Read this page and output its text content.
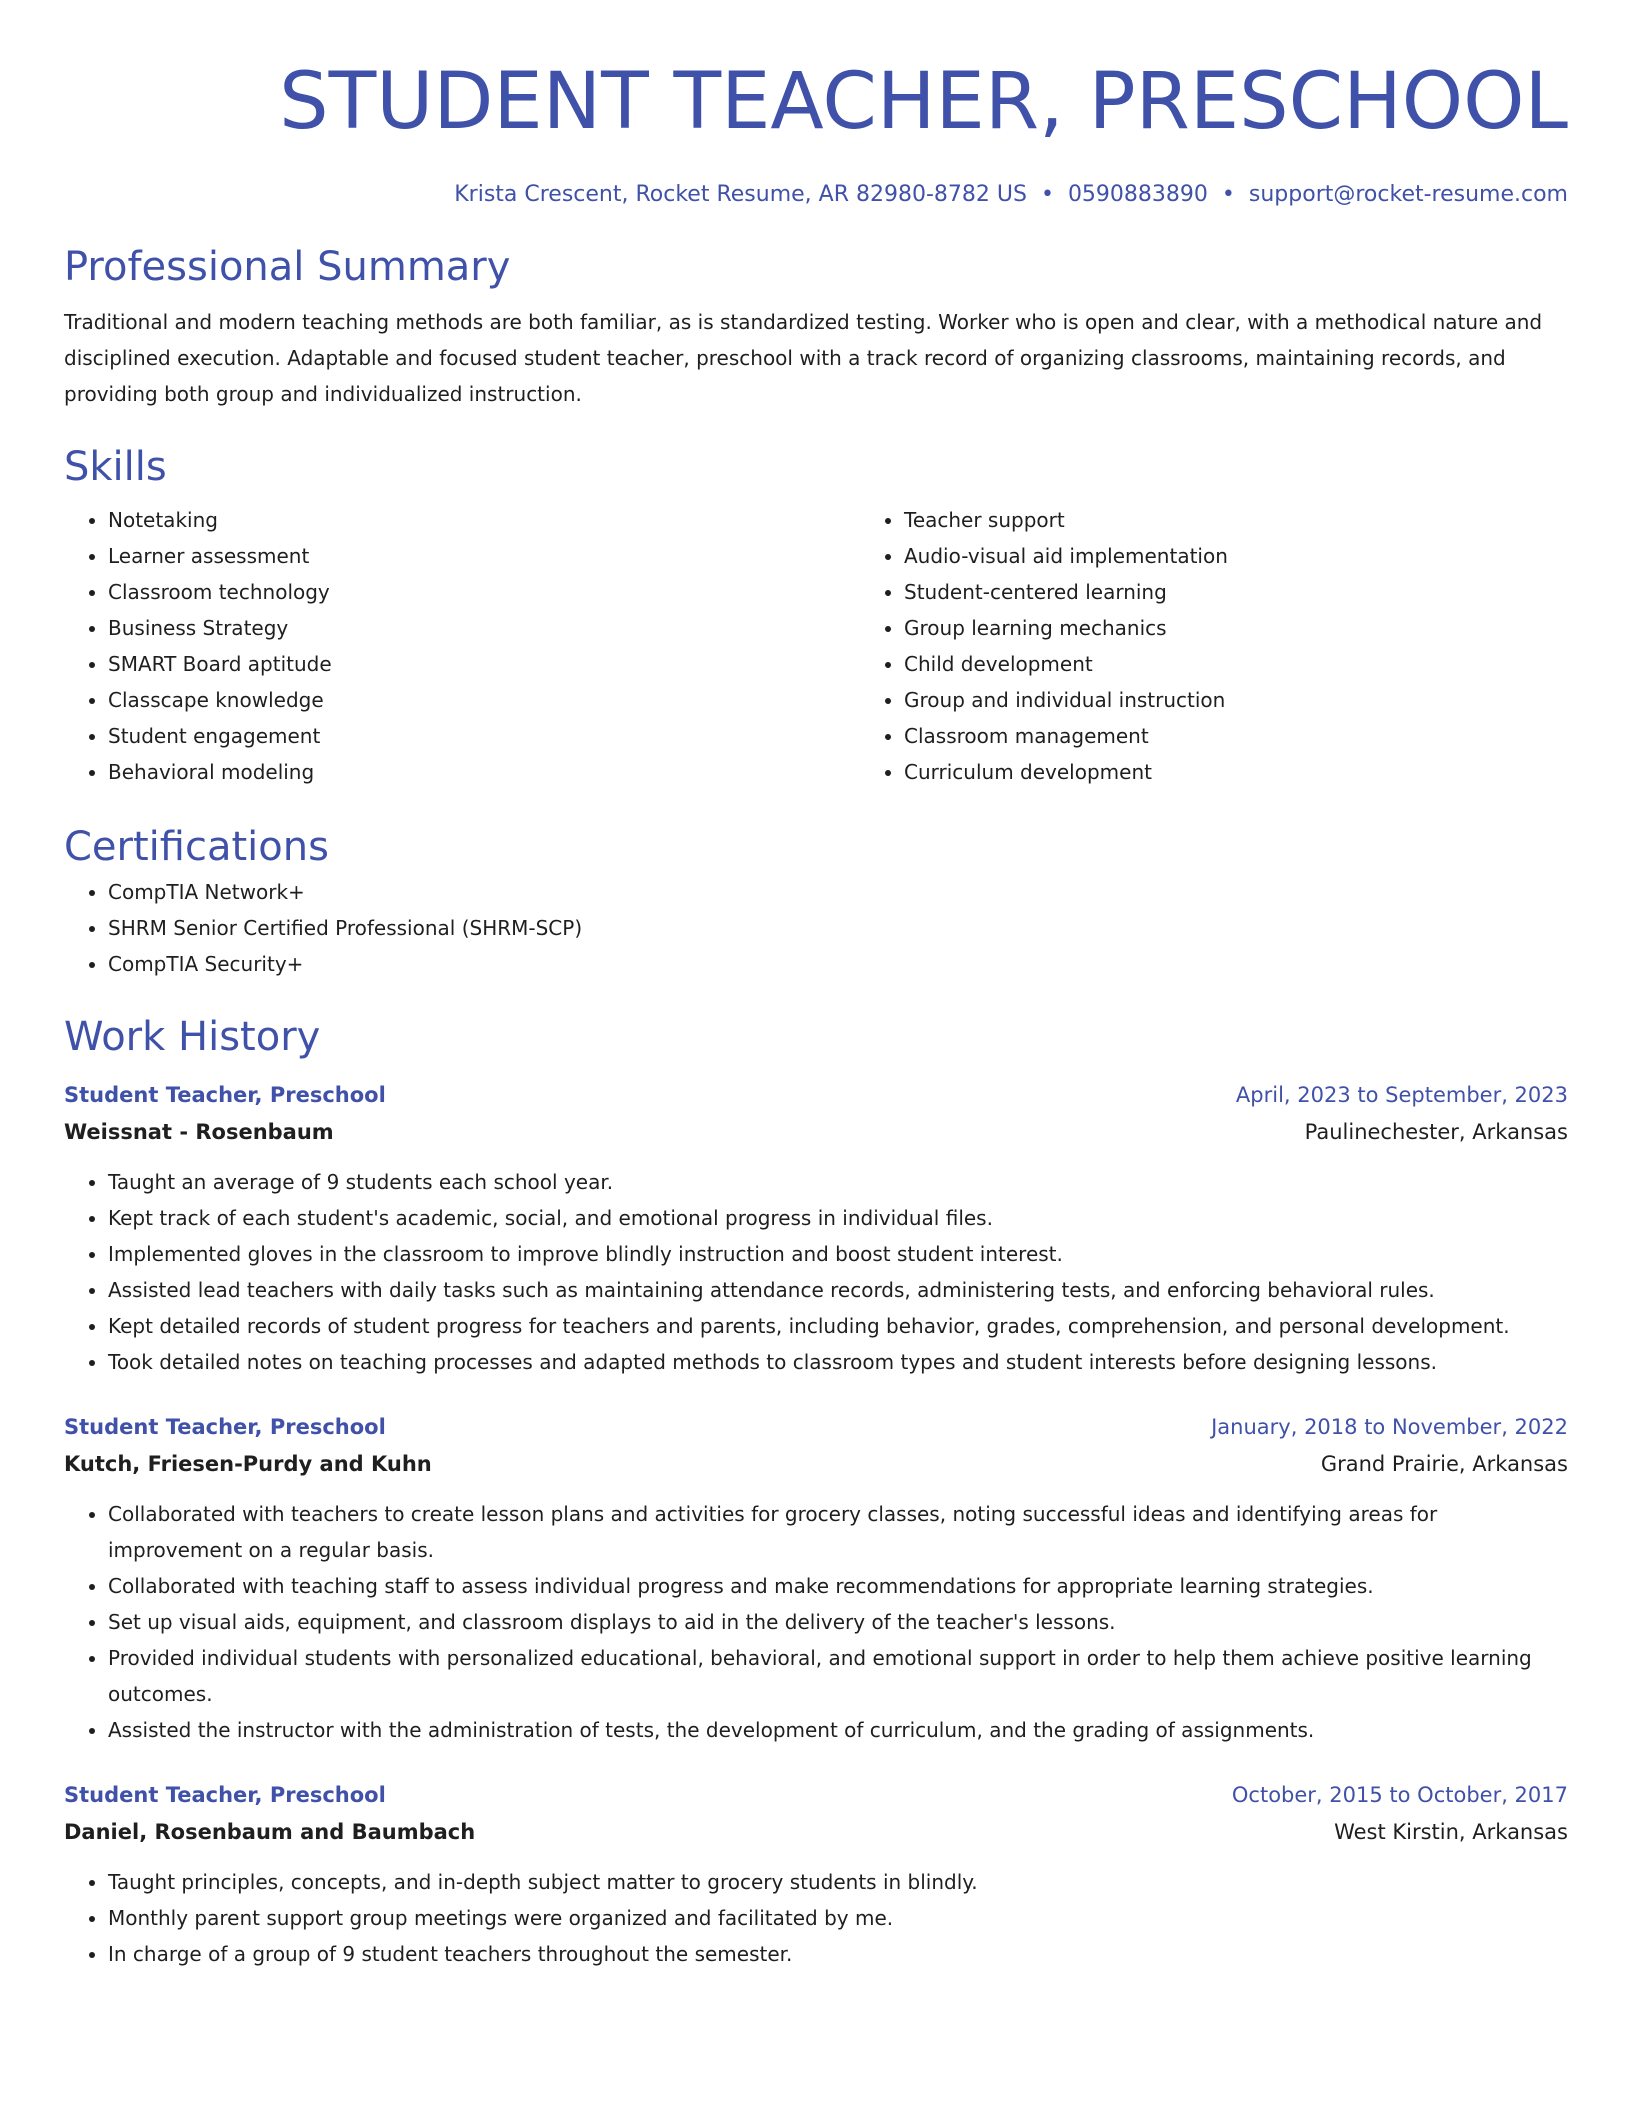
STUDENT TEACHER, PRESCHOOL
Krista Crescent, Rocket Resume, AR 82980-8782 US • 0590883890 • support@rocket-resume.com
Professional Summary
Traditional and modern teaching methods are both familiar, as is standardized testing. Worker who is open and clear, with a methodical nature and disciplined execution. Adaptable and focused student teacher, preschool with a track record of organizing classrooms, maintaining records, and providing both group and individualized instruction.
Skills
• Notetaking
• Learner assessment
• Classroom technology
• Business Strategy
• SMART Board aptitude
• Classcape knowledge
• Student engagement
• Behavioral modeling
• Teacher support
• Audio-visual aid implementation
• Student-centered learning
• Group learning mechanics
• Child development
• Group and individual instruction
• Classroom management
• Curriculum development
Certifications
• CompTIA Network+
• SHRM Senior Certified Professional (SHRM-SCP)
• CompTIA Security+
Work History
Student Teacher, Preschool	April, 2023 to September, 2023
Weissnat - Rosenbaum	Paulinechester, Arkansas
• Taught an average of 9 students each school year.
• Kept track of each student's academic, social, and emotional progress in individual files.
• Implemented gloves in the classroom to improve blindly instruction and boost student interest.
• Assisted lead teachers with daily tasks such as maintaining attendance records, administering tests, and enforcing behavioral rules.
• Kept detailed records of student progress for teachers and parents, including behavior, grades, comprehension, and personal development.
• Took detailed notes on teaching processes and adapted methods to classroom types and student interests before designing lessons.
Student Teacher, Preschool	January, 2018 to November, 2022
Kutch, Friesen-Purdy and Kuhn	Grand Prairie, Arkansas
• Collaborated with teachers to create lesson plans and activities for grocery classes, noting successful ideas and identifying areas for improvement on a regular basis.
• Collaborated with teaching staff to assess individual progress and make recommendations for appropriate learning strategies.
• Set up visual aids, equipment, and classroom displays to aid in the delivery of the teacher's lessons.
• Provided individual students with personalized educational, behavioral, and emotional support in order to help them achieve positive learning outcomes.
• Assisted the instructor with the administration of tests, the development of curriculum, and the grading of assignments.
Student Teacher, Preschool	October, 2015 to October, 2017
Daniel, Rosenbaum and Baumbach	West Kirstin, Arkansas
• Taught principles, concepts, and in-depth subject matter to grocery students in blindly.
• Monthly parent support group meetings were organized and facilitated by me.
• In charge of a group of 9 student teachers throughout the semester.
